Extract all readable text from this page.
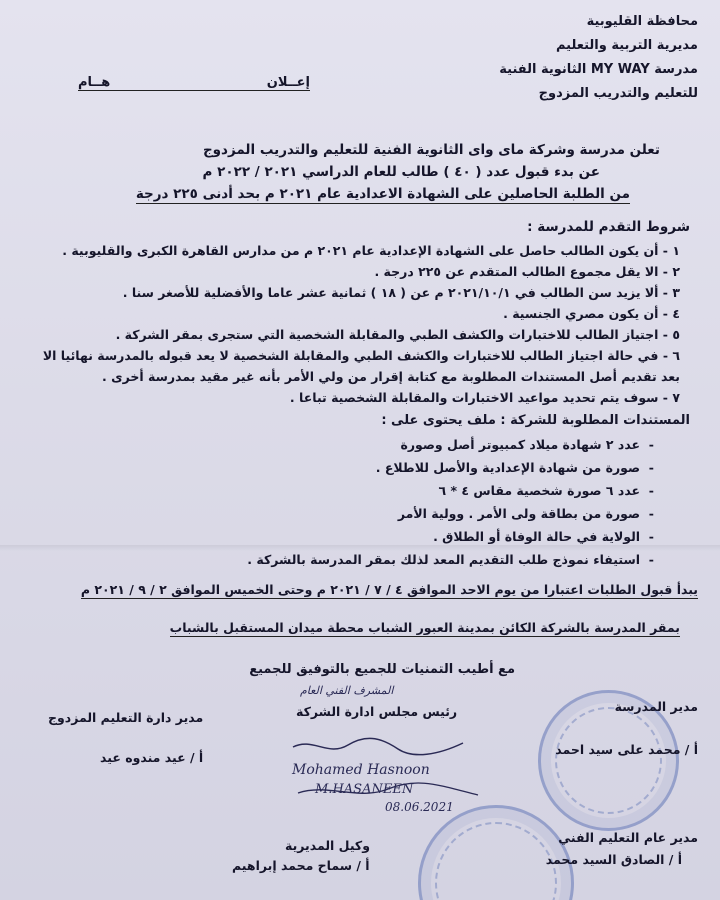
محافظة القليوبية
مديرية التربية والتعليم
مدرسة MY WAY الثانوية الفنية
للتعليم والتدريب المزدوج
إعــلان
هــام
تعلن مدرسة وشركة ماى واى الثانوية الفنية للتعليم والتدريب المزدوج
عن بدء قبول عدد ( ٤٠ ) طالب للعام الدراسي ٢٠٢١ / ٢٠٢٢ م
من الطلبة الحاصلين على الشهادة الاعدادية عام ٢٠٢١ م بحد أدنى ٢٢٥ درجة
شروط التقدم للمدرسة :
١ - أن يكون الطالب حاصل على الشهادة الإعدادية عام ٢٠٢١ م من مدارس القاهرة الكبرى والقليوبية .
٢ - الا يقل مجموع الطالب المتقدم عن ٢٢٥ درجة .
٣ - ألا يزيد سن الطالب في ٢٠٢١/١٠/١ م عن ( ١٨ ) ثمانية عشر عاما والأفضلية للأصغر سنا .
٤ - أن يكون مصري الجنسية .
٥ - اجتياز الطالب للاختبارات والكشف الطبي والمقابلة الشخصية التي ستجرى بمقر الشركة .
٦ - في حالة اجتياز الطالب للاختبارات والكشف الطبي والمقابلة الشخصية لا يعد قبوله بالمدرسة نهائيا الا
بعد تقديم أصل المستندات المطلوبة مع كتابة إقرار من ولي الأمر بأنه غير مقيد بمدرسة أخرى .
٧ - سوف يتم تحديد مواعيد الاختبارات والمقابلة الشخصية تباعا .
المستندات المطلوبة للشركة : ملف يحتوى على :
-  عدد ٢ شهادة ميلاد كمبيوتر أصل وصورة
-  صورة من شهادة الإعدادية والأصل للاطلاع .
-  عدد ٦ صورة شخصية مقاس ٤ * ٦
-  صورة من بطاقة ولى الأمر . وولية الأمر
-  الولاية في حالة الوفاة أو الطلاق .
-  استيفاء نموذج طلب التقديم المعد لذلك بمقر المدرسة بالشركة .
يبدأ قبول الطلبات اعتبارا من يوم الاحد الموافق ٤ / ٧ / ٢٠٢١ م وحتى الخميس الموافق ٢ / ٩ / ٢٠٢١ م
بمقر المدرسة بالشركة الكائن بمدينة العبور الشباب محطة ميدان المستقبل بالشباب
مع أطيب التمنيات للجميع بالتوفيق للجميع
مدير المدرسة
أ / محمد على سيد احمد
المشرف الفني العام
رئيس مجلس ادارة الشركة
مدير دارة التعليم المزدوج
أ / عيد مندوه عيد
Mohamed Hasnoon
M.HASANEEN
08.06.2021
مدير عام التعليم الفني
أ / الصادق السيد محمد
وكيل المديرية
أ / سماح محمد إبراهيم
